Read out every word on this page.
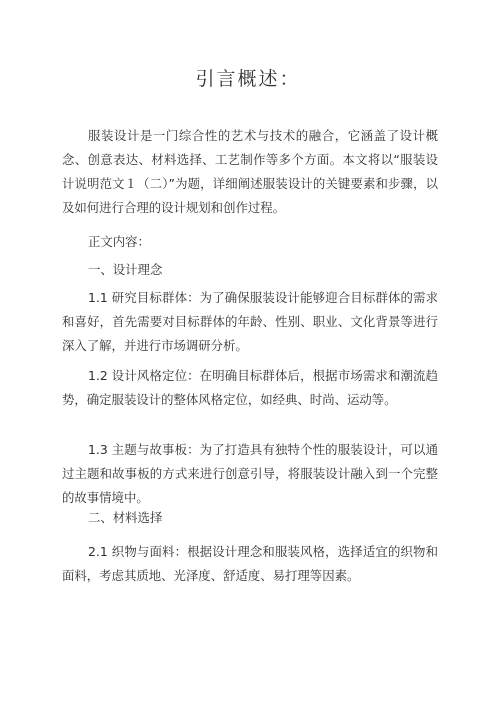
引言概述：

服装设计是一门综合性的艺术与技术的融合，它涵盖了设计概念、创意表达、材料选择、工艺制作等多个方面。本文将以“服装设计说明范文１（二）”为题，详细阐述服装设计的关键要素和步骤，以及如何进行合理的设计规划和创作过程。

正文内容：

一、设计理念

1.1 研究目标群体：为了确保服装设计能够迎合目标群体的需求和喜好，首先需要对目标群体的年龄、性别、职业、文化背景等进行深入了解，并进行市场调研分析。

1.2 设计风格定位：在明确目标群体后，根据市场需求和潮流趋势，确定服装设计的整体风格定位，如经典、时尚、运动等。

1.3 主题与故事板：为了打造具有独特个性的服装设计，可以通过主题和故事板的方式来进行创意引导，将服装设计融入到一个完整的故事情境中。

二、材料选择

2.1 织物与面料：根据设计理念和服装风格，选择适宜的织物和面料，考虑其质地、光泽度、舒适度、易打理等因素。
